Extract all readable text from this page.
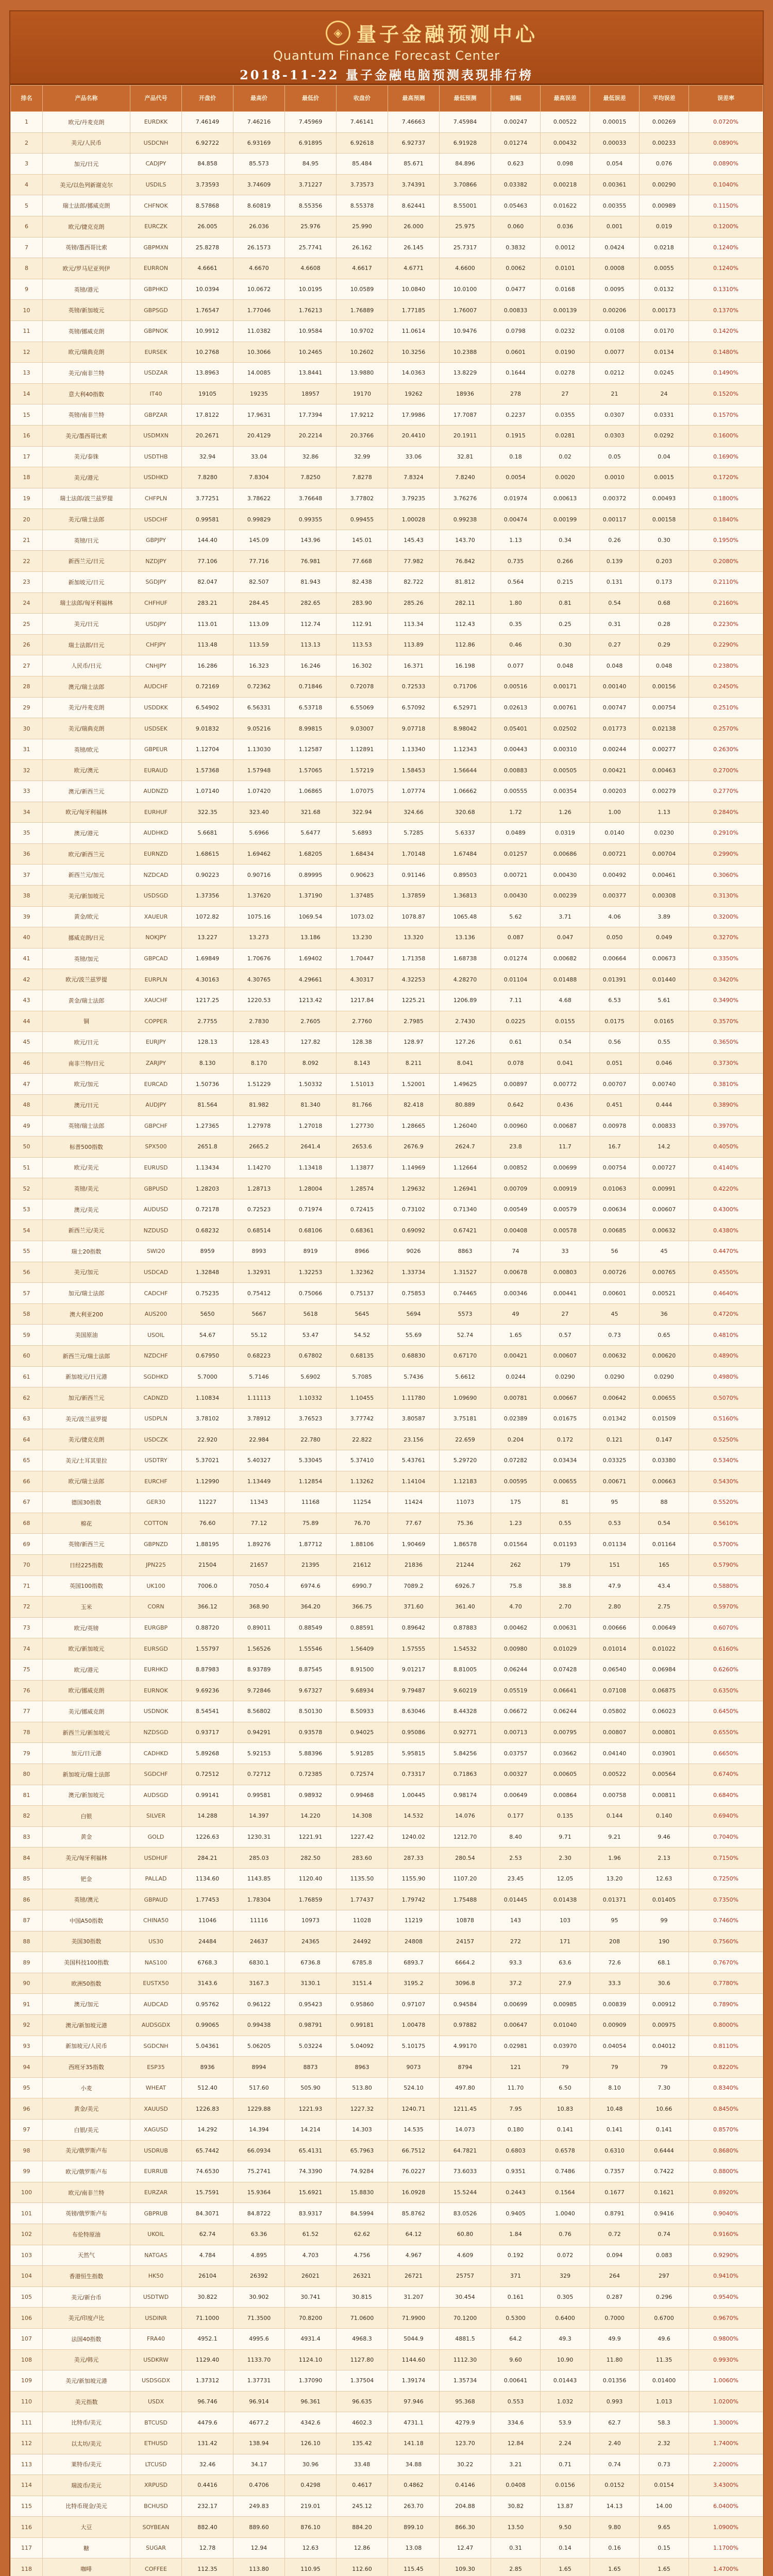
◈ 量子金融预测中心
Quantum Finance Forecast Center
2018-11-22 量子金融电脑预测表现排行榜
排名	产品名称	产品代号	开盘价	最高价	最低价	收盘价	最高预测	最低预测	振幅	最高误差	最低误差	平均误差	误差率
1	欧元/丹麦克朗	EURDKK	7.46149	7.46216	7.45969	7.46141	7.46663	7.45984	0.00247	0.00522	0.00015	0.00269	0.0720%
2	美元/人民币	USDCNH	6.92722	6.93169	6.91895	6.92618	6.92737	6.91928	0.01274	0.00432	0.00033	0.00233	0.0890%
3	加元/日元	CADJPY	84.858	85.573	84.95	85.484	85.671	84.896	0.623	0.098	0.054	0.076	0.0890%
4	美元/以色列新谢克尔	USDILS	3.73593	3.74609	3.71227	3.73573	3.74391	3.70866	0.03382	0.00218	0.00361	0.00290	0.1040%
5	瑞士法郎/挪威克朗	CHFNOK	8.57868	8.60819	8.55356	8.55378	8.62441	8.55001	0.05463	0.01622	0.00355	0.00989	0.1150%
6	欧元/捷克克朗	EURCZK	26.005	26.036	25.976	25.990	26.000	25.975	0.060	0.036	0.001	0.019	0.1200%
7	英镑/墨西哥比索	GBPMXN	25.8278	26.1573	25.7741	26.162	26.145	25.7317	0.3832	0.0012	0.0424	0.0218	0.1240%
8	欧元/罗马尼亚列伊	EURRON	4.6661	4.6670	4.6608	4.6617	4.6771	4.6600	0.0062	0.0101	0.0008	0.0055	0.1240%
9	英镑/港元	GBPHKD	10.0394	10.0672	10.0195	10.0589	10.0840	10.0100	0.0477	0.0168	0.0095	0.0132	0.1310%
10	英镑/新加坡元	GBPSGD	1.76547	1.77046	1.76213	1.76889	1.77185	1.76007	0.00833	0.00139	0.00206	0.00173	0.1370%
11	英镑/挪威克朗	GBPNOK	10.9912	11.0382	10.9584	10.9702	11.0614	10.9476	0.0798	0.0232	0.0108	0.0170	0.1420%
12	欧元/瑞典克朗	EURSEK	10.2768	10.3066	10.2465	10.2602	10.3256	10.2388	0.0601	0.0190	0.0077	0.0134	0.1480%
13	美元/南非兰特	USDZAR	13.8963	14.0085	13.8441	13.9880	14.0363	13.8229	0.1644	0.0278	0.0212	0.0245	0.1490%
14	意大利40指数	IT40	19105	19235	18957	19170	19262	18936	278	27	21	24	0.1520%
15	英镑/南非兰特	GBPZAR	17.8122	17.9631	17.7394	17.9212	17.9986	17.7087	0.2237	0.0355	0.0307	0.0331	0.1570%
16	美元/墨西哥比索	USDMXN	20.2671	20.4129	20.2214	20.3766	20.4410	20.1911	0.1915	0.0281	0.0303	0.0292	0.1600%
17	美元/泰铢	USDTHB	32.94	33.04	32.86	32.99	33.06	32.81	0.18	0.02	0.05	0.04	0.1690%
18	美元/港元	USDHKD	7.8280	7.8304	7.8250	7.8278	7.8324	7.8240	0.0054	0.0020	0.0010	0.0015	0.1720%
19	瑞士法郎/波兰兹罗提	CHFPLN	3.77251	3.78622	3.76648	3.77802	3.79235	3.76276	0.01974	0.00613	0.00372	0.00493	0.1800%
20	美元/瑞士法郎	USDCHF	0.99581	0.99829	0.99355	0.99455	1.00028	0.99238	0.00474	0.00199	0.00117	0.00158	0.1840%
21	英镑/日元	GBPJPY	144.40	145.09	143.96	145.01	145.43	143.70	1.13	0.34	0.26	0.30	0.1950%
22	新西兰元/日元	NZDJPY	77.106	77.716	76.981	77.668	77.982	76.842	0.735	0.266	0.139	0.203	0.2080%
23	新加坡元/日元	SGDJPY	82.047	82.507	81.943	82.438	82.722	81.812	0.564	0.215	0.131	0.173	0.2110%
24	瑞士法郎/匈牙利福林	CHFHUF	283.21	284.45	282.65	283.90	285.26	282.11	1.80	0.81	0.54	0.68	0.2160%
25	美元/日元	USDJPY	113.01	113.09	112.74	112.91	113.34	112.43	0.35	0.25	0.31	0.28	0.2230%
26	瑞士法郎/日元	CHFJPY	113.48	113.59	113.13	113.53	113.89	112.86	0.46	0.30	0.27	0.29	0.2290%
27	人民币/日元	CNHJPY	16.286	16.323	16.246	16.302	16.371	16.198	0.077	0.048	0.048	0.048	0.2380%
28	澳元/瑞士法郎	AUDCHF	0.72169	0.72362	0.71846	0.72078	0.72533	0.71706	0.00516	0.00171	0.00140	0.00156	0.2450%
29	美元/丹麦克朗	USDDKK	6.54902	6.56331	6.53718	6.55069	6.57092	6.52971	0.02613	0.00761	0.00747	0.00754	0.2510%
30	美元/瑞典克朗	USDSEK	9.01832	9.05216	8.99815	9.03007	9.07718	8.98042	0.05401	0.02502	0.01773	0.02138	0.2570%
31	英镑/欧元	GBPEUR	1.12704	1.13030	1.12587	1.12891	1.13340	1.12343	0.00443	0.00310	0.00244	0.00277	0.2630%
32	欧元/澳元	EURAUD	1.57368	1.57948	1.57065	1.57219	1.58453	1.56644	0.00883	0.00505	0.00421	0.00463	0.2700%
33	澳元/新西兰元	AUDNZD	1.07140	1.07420	1.06865	1.07075	1.07774	1.06662	0.00555	0.00354	0.00203	0.00279	0.2770%
34	欧元/匈牙利福林	EURHUF	322.35	323.40	321.68	322.94	324.66	320.68	1.72	1.26	1.00	1.13	0.2840%
35	澳元/港元	AUDHKD	5.6681	5.6966	5.6477	5.6893	5.7285	5.6337	0.0489	0.0319	0.0140	0.0230	0.2910%
36	欧元/新西兰元	EURNZD	1.68615	1.69462	1.68205	1.68434	1.70148	1.67484	0.01257	0.00686	0.00721	0.00704	0.2990%
37	新西兰元/加元	NZDCAD	0.90223	0.90716	0.89995	0.90623	0.91146	0.89503	0.00721	0.00430	0.00492	0.00461	0.3060%
38	美元/新加坡元	USDSGD	1.37356	1.37620	1.37190	1.37485	1.37859	1.36813	0.00430	0.00239	0.00377	0.00308	0.3130%
39	黄金/欧元	XAUEUR	1072.82	1075.16	1069.54	1073.02	1078.87	1065.48	5.62	3.71	4.06	3.89	0.3200%
40	挪威克朗/日元	NOKJPY	13.227	13.273	13.186	13.230	13.320	13.136	0.087	0.047	0.050	0.049	0.3270%
41	英镑/加元	GBPCAD	1.69849	1.70676	1.69402	1.70447	1.71358	1.68738	0.01274	0.00682	0.00664	0.00673	0.3350%
42	欧元/波兰兹罗提	EURPLN	4.30163	4.30765	4.29661	4.30317	4.32253	4.28270	0.01104	0.01488	0.01391	0.01440	0.3420%
43	黄金/瑞士法郎	XAUCHF	1217.25	1220.53	1213.42	1217.84	1225.21	1206.89	7.11	4.68	6.53	5.61	0.3490%
44	铜	COPPER	2.7755	2.7830	2.7605	2.7760	2.7985	2.7430	0.0225	0.0155	0.0175	0.0165	0.3570%
45	欧元/日元	EURJPY	128.13	128.43	127.82	128.38	128.97	127.26	0.61	0.54	0.56	0.55	0.3650%
46	南非兰特/日元	ZARJPY	8.130	8.170	8.092	8.143	8.211	8.041	0.078	0.041	0.051	0.046	0.3730%
47	欧元/加元	EURCAD	1.50736	1.51229	1.50332	1.51013	1.52001	1.49625	0.00897	0.00772	0.00707	0.00740	0.3810%
48	澳元/日元	AUDJPY	81.564	81.982	81.340	81.766	82.418	80.889	0.642	0.436	0.451	0.444	0.3890%
49	英镑/瑞士法郎	GBPCHF	1.27365	1.27978	1.27018	1.27730	1.28665	1.26040	0.00960	0.00687	0.00978	0.00833	0.3970%
50	标普500指数	SPX500	2651.8	2665.2	2641.4	2653.6	2676.9	2624.7	23.8	11.7	16.7	14.2	0.4050%
51	欧元/美元	EURUSD	1.13434	1.14270	1.13418	1.13877	1.14969	1.12664	0.00852	0.00699	0.00754	0.00727	0.4140%
52	英镑/美元	GBPUSD	1.28203	1.28713	1.28004	1.28574	1.29632	1.26941	0.00709	0.00919	0.01063	0.00991	0.4220%
53	澳元/美元	AUDUSD	0.72178	0.72523	0.71974	0.72415	0.73102	0.71340	0.00549	0.00579	0.00634	0.00607	0.4300%
54	新西兰元/美元	NZDUSD	0.68232	0.68514	0.68106	0.68361	0.69092	0.67421	0.00408	0.00578	0.00685	0.00632	0.4380%
55	瑞士20指数	SWI20	8959	8993	8919	8966	9026	8863	74	33	56	45	0.4470%
56	美元/加元	USDCAD	1.32848	1.32931	1.32253	1.32362	1.33734	1.31527	0.00678	0.00803	0.00726	0.00765	0.4550%
57	加元/瑞士法郎	CADCHF	0.75235	0.75412	0.75066	0.75137	0.75853	0.74465	0.00346	0.00441	0.00601	0.00521	0.4640%
58	澳大利亚200	AUS200	5650	5667	5618	5645	5694	5573	49	27	45	36	0.4720%
59	美国原油	USOIL	54.67	55.12	53.47	54.52	55.69	52.74	1.65	0.57	0.73	0.65	0.4810%
60	新西兰元/瑞士法郎	NZDCHF	0.67950	0.68223	0.67802	0.68135	0.68830	0.67170	0.00421	0.00607	0.00632	0.00620	0.4890%
61	新加坡元/日元港	SGDHKD	5.7000	5.7146	5.6902	5.7085	5.7436	5.6612	0.0244	0.0290	0.0290	0.0290	0.4980%
62	加元/新西兰元	CADNZD	1.10834	1.11113	1.10332	1.10455	1.11780	1.09690	0.00781	0.00667	0.00642	0.00655	0.5070%
63	美元/波兰兹罗提	USDPLN	3.78102	3.78912	3.76523	3.77742	3.80587	3.75181	0.02389	0.01675	0.01342	0.01509	0.5160%
64	美元/捷克克朗	USDCZK	22.920	22.984	22.780	22.822	23.156	22.659	0.204	0.172	0.121	0.147	0.5250%
65	美元/土耳其里拉	USDTRY	5.37021	5.40327	5.33045	5.37410	5.43761	5.29720	0.07282	0.03434	0.03325	0.03380	0.5340%
66	欧元/瑞士法郎	EURCHF	1.12990	1.13449	1.12854	1.13262	1.14104	1.12183	0.00595	0.00655	0.00671	0.00663	0.5430%
67	德国30指数	GER30	11227	11343	11168	11254	11424	11073	175	81	95	88	0.5520%
68	棉花	COTTON	76.60	77.12	75.89	76.70	77.67	75.36	1.23	0.55	0.53	0.54	0.5610%
69	英镑/新西兰元	GBPNZD	1.88195	1.89276	1.87712	1.88106	1.90469	1.86578	0.01564	0.01193	0.01134	0.01164	0.5700%
70	日经225指数	JPN225	21504	21657	21395	21612	21836	21244	262	179	151	165	0.5790%
71	英国100指数	UK100	7006.0	7050.4	6974.6	6990.7	7089.2	6926.7	75.8	38.8	47.9	43.4	0.5880%
72	玉米	CORN	366.12	368.90	364.20	366.75	371.60	361.40	4.70	2.70	2.80	2.75	0.5970%
73	欧元/英镑	EURGBP	0.88720	0.89011	0.88549	0.88591	0.89642	0.87883	0.00462	0.00631	0.00666	0.00649	0.6070%
74	欧元/新加坡元	EURSGD	1.55797	1.56526	1.55546	1.56409	1.57555	1.54532	0.00980	0.01029	0.01014	0.01022	0.6160%
75	欧元/港元	EURHKD	8.87983	8.93789	8.87545	8.91500	9.01217	8.81005	0.06244	0.07428	0.06540	0.06984	0.6260%
76	欧元/挪威克朗	EURNOK	9.69236	9.72846	9.67327	9.68934	9.79487	9.60219	0.05519	0.06641	0.07108	0.06875	0.6350%
77	美元/挪威克朗	USDNOK	8.54541	8.56802	8.50130	8.50933	8.63046	8.44328	0.06672	0.06244	0.05802	0.06023	0.6450%
78	新西兰元/新加坡元	NZDSGD	0.93717	0.94291	0.93578	0.94025	0.95086	0.92771	0.00713	0.00795	0.00807	0.00801	0.6550%
79	加元/日元港	CADHKD	5.89268	5.92153	5.88396	5.91285	5.95815	5.84256	0.03757	0.03662	0.04140	0.03901	0.6650%
80	新加坡元/瑞士法郎	SGDCHF	0.72512	0.72712	0.72385	0.72574	0.73317	0.71863	0.00327	0.00605	0.00522	0.00564	0.6740%
81	澳元/新加坡元	AUDSGD	0.99141	0.99581	0.98932	0.99468	1.00445	0.98174	0.00649	0.00864	0.00758	0.00811	0.6840%
82	白银	SILVER	14.288	14.397	14.220	14.308	14.532	14.076	0.177	0.135	0.144	0.140	0.6940%
83	黄金	GOLD	1226.63	1230.31	1221.91	1227.42	1240.02	1212.70	8.40	9.71	9.21	9.46	0.7040%
84	美元/匈牙利福林	USDHUF	284.21	285.03	282.50	283.60	287.33	280.54	2.53	2.30	1.96	2.13	0.7150%
85	钯金	PALLAD	1134.60	1143.85	1120.40	1135.50	1155.90	1107.20	23.45	12.05	13.20	12.63	0.7250%
86	英镑/澳元	GBPAUD	1.77453	1.78304	1.76859	1.77437	1.79742	1.75488	0.01445	0.01438	0.01371	0.01405	0.7350%
87	中国A50指数	CHINA50	11046	11116	10973	11028	11219	10878	143	103	95	99	0.7460%
88	美国30指数	US30	24484	24637	24365	24492	24808	24157	272	171	208	190	0.7560%
89	美国科技100指数	NAS100	6768.3	6830.1	6736.8	6785.8	6893.7	6664.2	93.3	63.6	72.6	68.1	0.7670%
90	欧洲50指数	EUSTX50	3143.6	3167.3	3130.1	3151.4	3195.2	3096.8	37.2	27.9	33.3	30.6	0.7780%
91	澳元/加元	AUDCAD	0.95762	0.96122	0.95423	0.95860	0.97107	0.94584	0.00699	0.00985	0.00839	0.00912	0.7890%
92	澳元/新加坡元港	AUDSGDX	0.99065	0.99438	0.98791	0.99181	1.00478	0.97882	0.00647	0.01040	0.00909	0.00975	0.8000%
93	新加坡元/人民币	SGDCNH	5.04361	5.06205	5.03224	5.04092	5.10175	4.99170	0.02981	0.03970	0.04054	0.04012	0.8110%
94	西班牙35指数	ESP35	8936	8994	8873	8963	9073	8794	121	79	79	79	0.8220%
95	小麦	WHEAT	512.40	517.60	505.90	513.80	524.10	497.80	11.70	6.50	8.10	7.30	0.8340%
96	黄金/美元	XAUUSD	1226.83	1229.88	1221.93	1227.32	1240.71	1211.45	7.95	10.83	10.48	10.66	0.8450%
97	白银/美元	XAGUSD	14.292	14.394	14.214	14.303	14.535	14.073	0.180	0.141	0.141	0.141	0.8570%
98	美元/俄罗斯卢布	USDRUB	65.7442	66.0934	65.4131	65.7963	66.7512	64.7821	0.6803	0.6578	0.6310	0.6444	0.8680%
99	欧元/俄罗斯卢布	EURRUB	74.6530	75.2741	74.3390	74.9284	76.0227	73.6033	0.9351	0.7486	0.7357	0.7422	0.8800%
100	欧元/南非兰特	EURZAR	15.7591	15.9364	15.6921	15.8830	16.0928	15.5244	0.2443	0.1564	0.1677	0.1621	0.8920%
101	英镑/俄罗斯卢布	GBPRUB	84.3071	84.8722	83.9317	84.5994	85.8762	83.0526	0.9405	1.0040	0.8791	0.9416	0.9040%
102	布伦特原油	UKOIL	62.74	63.36	61.52	62.62	64.12	60.80	1.84	0.76	0.72	0.74	0.9160%
103	天然气	NATGAS	4.784	4.895	4.703	4.756	4.967	4.609	0.192	0.072	0.094	0.083	0.9290%
104	香港恒生指数	HK50	26104	26392	26021	26321	26721	25757	371	329	264	297	0.9410%
105	美元/新台币	USDTWD	30.822	30.902	30.741	30.815	31.207	30.454	0.161	0.305	0.287	0.296	0.9540%
106	美元/印度卢比	USDINR	71.1000	71.3500	70.8200	71.0600	71.9900	70.1200	0.5300	0.6400	0.7000	0.6700	0.9670%
107	法国40指数	FRA40	4952.1	4995.6	4931.4	4968.3	5044.9	4881.5	64.2	49.3	49.9	49.6	0.9800%
108	美元/韩元	USDKRW	1129.40	1133.70	1124.10	1127.80	1144.60	1112.30	9.60	10.90	11.80	11.35	0.9930%
109	美元/新加坡元港	USDSGDX	1.37312	1.37731	1.37090	1.37504	1.39174	1.35734	0.00641	0.01443	0.01356	0.01400	1.0060%
110	美元指数	USDX	96.746	96.914	96.361	96.635	97.946	95.368	0.553	1.032	0.993	1.013	1.0200%
111	比特币/美元	BTCUSD	4479.6	4677.2	4342.6	4602.3	4731.1	4279.9	334.6	53.9	62.7	58.3	1.3000%
112	以太坊/美元	ETHUSD	131.42	138.94	126.10	135.42	141.18	123.70	12.84	2.24	2.40	2.32	1.7400%
113	莱特币/美元	LTCUSD	32.46	34.17	30.96	33.48	34.88	30.22	3.21	0.71	0.74	0.73	2.2000%
114	瑞波币/美元	XRPUSD	0.4416	0.4706	0.4298	0.4617	0.4862	0.4146	0.0408	0.0156	0.0152	0.0154	3.4300%
115	比特币现金/美元	BCHUSD	232.17	249.83	219.01	245.12	263.70	204.88	30.82	13.87	14.13	14.00	6.0400%
116	大豆	SOYBEAN	882.40	889.60	876.10	884.20	899.10	866.30	13.50	9.50	9.80	9.65	1.0900%
117	糖	SUGAR	12.78	12.94	12.63	12.86	13.08	12.47	0.31	0.14	0.16	0.15	1.1700%
118	咖啡	COFFEE	112.35	113.80	110.95	112.60	115.45	109.30	2.85	1.65	1.65	1.65	1.4700%
